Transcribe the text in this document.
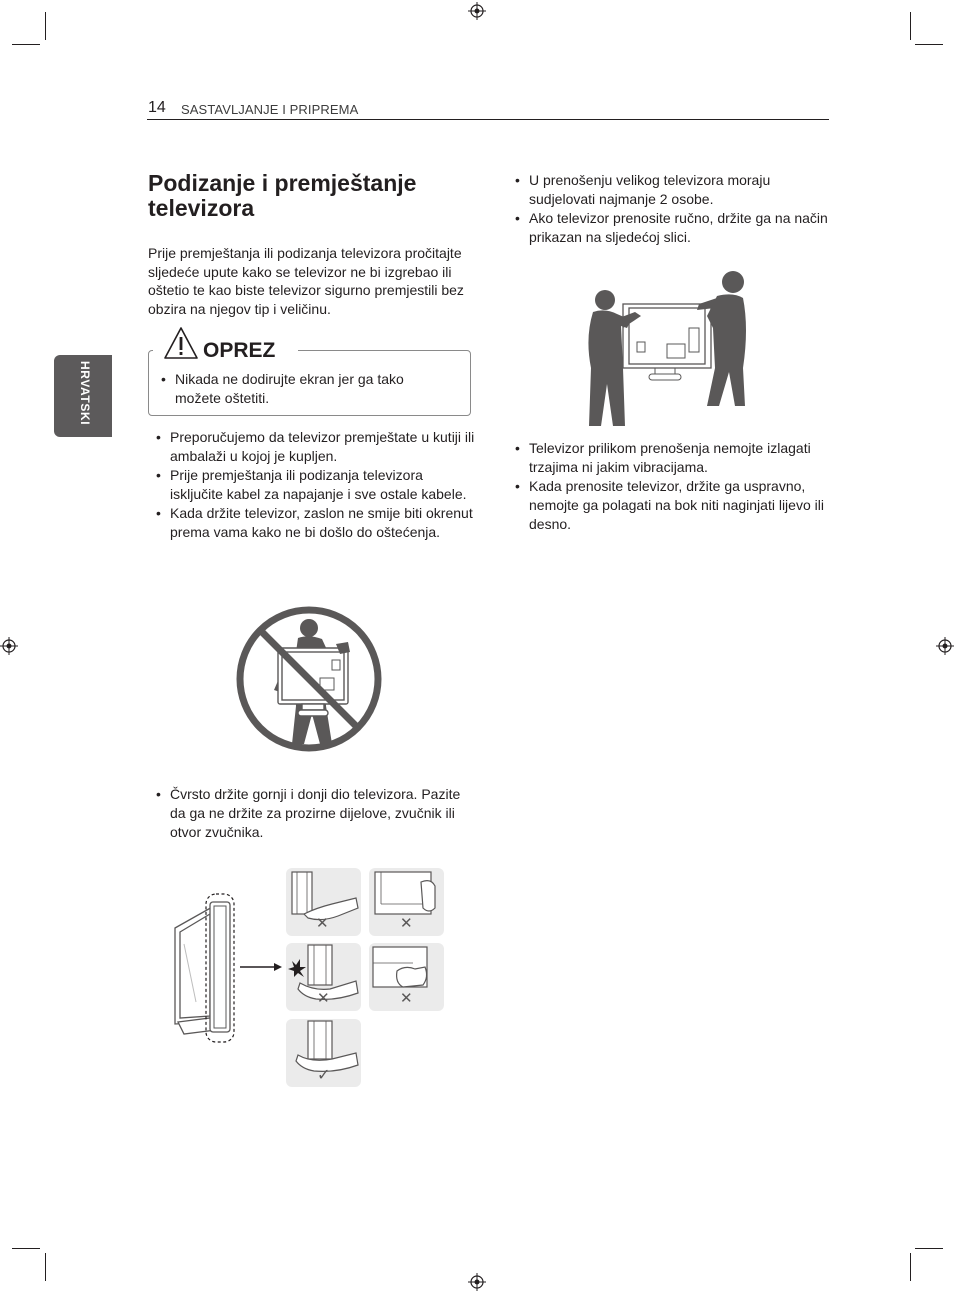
14 SASTAVLJANJE I PRIPREMA
HRVATSKI
Podizanje i premještanje televizora
Prije premještanja ili podizanja televizora pročitajte sljedeće upute kako se televizor ne bi izgrebao ili oštetio te kao biste televizor sigurno premjestili bez obzira na njegov tip i veličinu.
OPREZ
• Nikada ne dodirujte ekran jer ga tako možete oštetiti.
• Preporučujemo da televizor premještate u kutiji ili ambalaži u kojoj je kupljen.
• Prije premještanja ili podizanja televizora isključite kabel za napajanje i sve ostale kabele.
• Kada držite televizor, zaslon ne smije biti okrenut prema vama kako ne bi došlo do oštećenja.
• Čvrsto držite gornji i donji dio televizora. Pazite da ga ne držite za prozirne dijelove, zvučnik ili otvor zvučnika.
✕	✕
✕	✕
✓
• U prenošenju velikog televizora moraju sudjelovati najmanje 2 osobe.
• Ako televizor prenosite ručno, držite ga na način prikazan na sljedećoj slici.
• Televizor prilikom prenošenja nemojte izlagati trzajima ni jakim vibracijama.
• Kada prenosite televizor, držite ga uspravno, nemojte ga polagati na bok niti naginjati lijevo ili desno.
